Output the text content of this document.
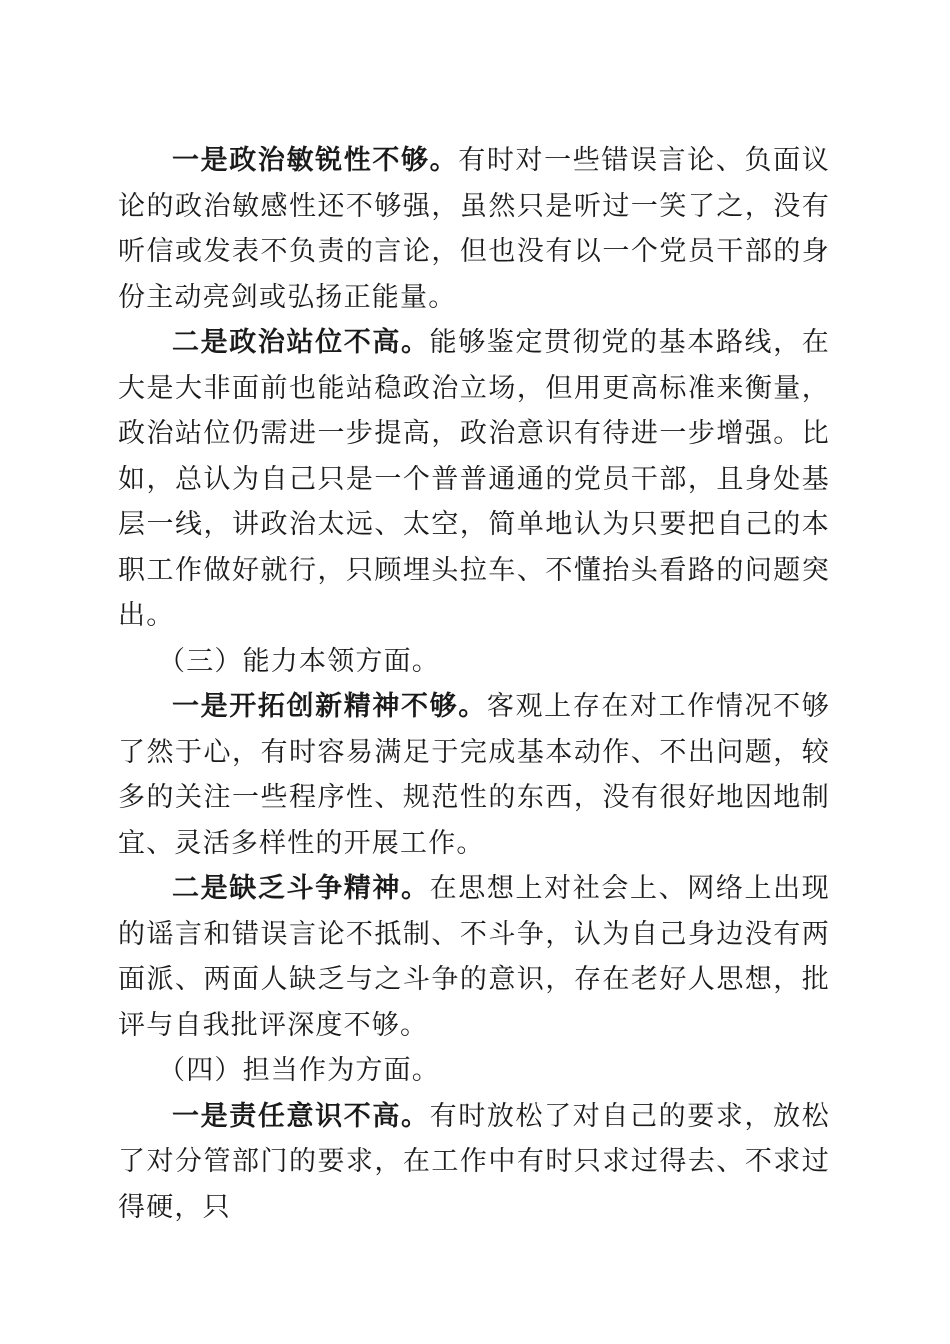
一是政治敏锐性不够。有时对一些错误言论、负面议论的政治敏感性还不够强，虽然只是听过一笑了之，没有听信或发表不负责的言论，但也没有以一个党员干部的身份主动亮剑或弘扬正能量。

二是政治站位不高。能够鉴定贯彻党的基本路线，在大是大非面前也能站稳政治立场，但用更高标准来衡量，政治站位仍需进一步提高，政治意识有待进一步增强。比如，总认为自己只是一个普普通通的党员干部，且身处基层一线，讲政治太远、太空，简单地认为只要把自己的本职工作做好就行，只顾埋头拉车、不懂抬头看路的问题突出。

（三）能力本领方面。

一是开拓创新精神不够。客观上存在对工作情况不够了然于心，有时容易满足于完成基本动作、不出问题，较多的关注一些程序性、规范性的东西，没有很好地因地制宜、灵活多样性的开展工作。

二是缺乏斗争精神。在思想上对社会上、网络上出现的谣言和错误言论不抵制、不斗争，认为自己身边没有两面派、两面人缺乏与之斗争的意识，存在老好人思想，批评与自我批评深度不够。

（四）担当作为方面。

一是责任意识不高。有时放松了对自己的要求，放松了对分管部门的要求，在工作中有时只求过得去、不求过得硬，只
